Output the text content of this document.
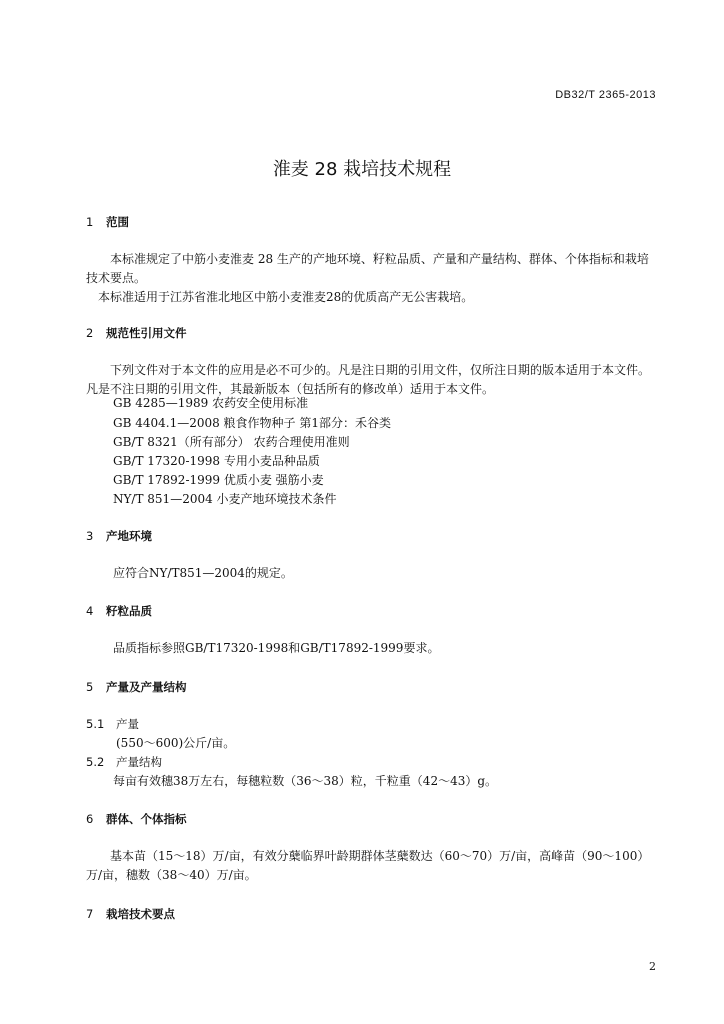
DB32/T 2365-2013
淮麦 28 栽培技术规程
1 范围
本标准规定了中筋小麦淮麦 28 生产的产地环境、籽粒品质、产量和产量结构、群体、个体指标和栽培技术要点。
本标准适用于江苏省淮北地区中筋小麦淮麦28的优质高产无公害栽培。
2 规范性引用文件
下列文件对于本文件的应用是必不可少的。凡是注日期的引用文件，仅所注日期的版本适用于本文件。凡是不注日期的引用文件，其最新版本（包括所有的修改单）适用于本文件。
GB 4285—1989 农药安全使用标准
GB 4404.1—2008 粮食作物种子 第1部分：禾谷类
GB/T 8321（所有部分） 农药合理使用准则
GB/T 17320-1998 专用小麦品种品质
GB/T 17892-1999 优质小麦 强筋小麦
NY/T 851—2004 小麦产地环境技术条件
3 产地环境
应符合NY/T851—2004的规定。
4 籽粒品质
品质指标参照GB/T17320-1998和GB/T17892-1999要求。
5 产量及产量结构
5.1 产量
(550～600)公斤/亩。
5.2 产量结构
每亩有效穗38万左右，每穗粒数（36～38）粒，千粒重（42～43）g。
6 群体、个体指标
基本苗（15～18）万/亩，有效分蘖临界叶龄期群体茎蘖数达（60～70）万/亩，高峰苗（90～100）万/亩，穗数（38～40）万/亩。
7 栽培技术要点
2
